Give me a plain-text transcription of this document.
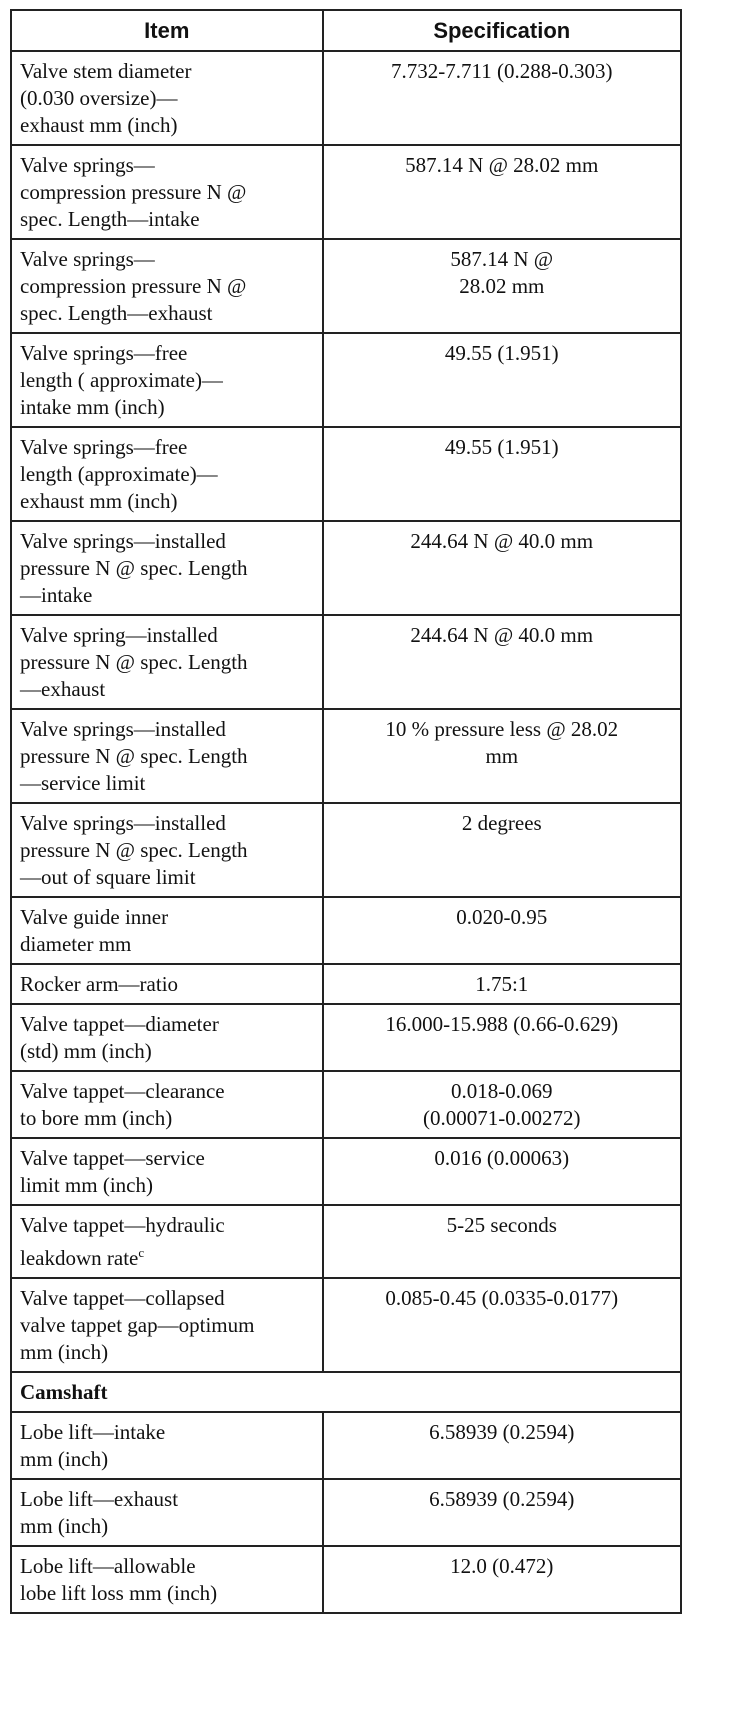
Item	Specification

Valve stem diameter
(0.030 oversize)—
exhaust mm (inch)	7.732-7.711 (0.288-0.303)

Valve springs—
compression pressure N @
spec. Length—intake	587.14 N @ 28.02 mm

Valve springs—
compression pressure N @
spec. Length—exhaust	587.14 N @
28.02 mm

Valve springs—free
length ( approximate)—
intake mm (inch)	49.55 (1.951)

Valve springs—free
length (approximate)—
exhaust mm (inch)	49.55 (1.951)

Valve springs—installed
pressure N @ spec. Length
—intake	244.64 N @ 40.0 mm

Valve spring—installed
pressure N @ spec. Length
—exhaust	244.64 N @ 40.0 mm

Valve springs—installed
pressure N @ spec. Length
—service limit	10 % pressure less @ 28.02
mm

Valve springs—installed
pressure N @ spec. Length
—out of square limit	2 degrees

Valve guide inner
diameter mm	0.020-0.95

Rocker arm—ratio	1.75:1

Valve tappet—diameter
(std) mm (inch)	16.000-15.988 (0.66-0.629)

Valve tappet—clearance
to bore mm (inch)	0.018-0.069
(0.00071-0.00272)

Valve tappet—service
limit mm (inch)	0.016 (0.00063)

Valve tappet—hydraulic
leakdown rate$^c$	5-25 seconds

Valve tappet—collapsed
valve tappet gap—optimum
mm (inch)	0.085-0.45 (0.0335-0.0177)

Camshaft	

Lobe lift—intake
mm (inch)	6.58939 (0.2594)

Lobe lift—exhaust
mm (inch)	6.58939 (0.2594)

Lobe lift—allowable
lobe lift loss mm (inch)	12.0 (0.472)
